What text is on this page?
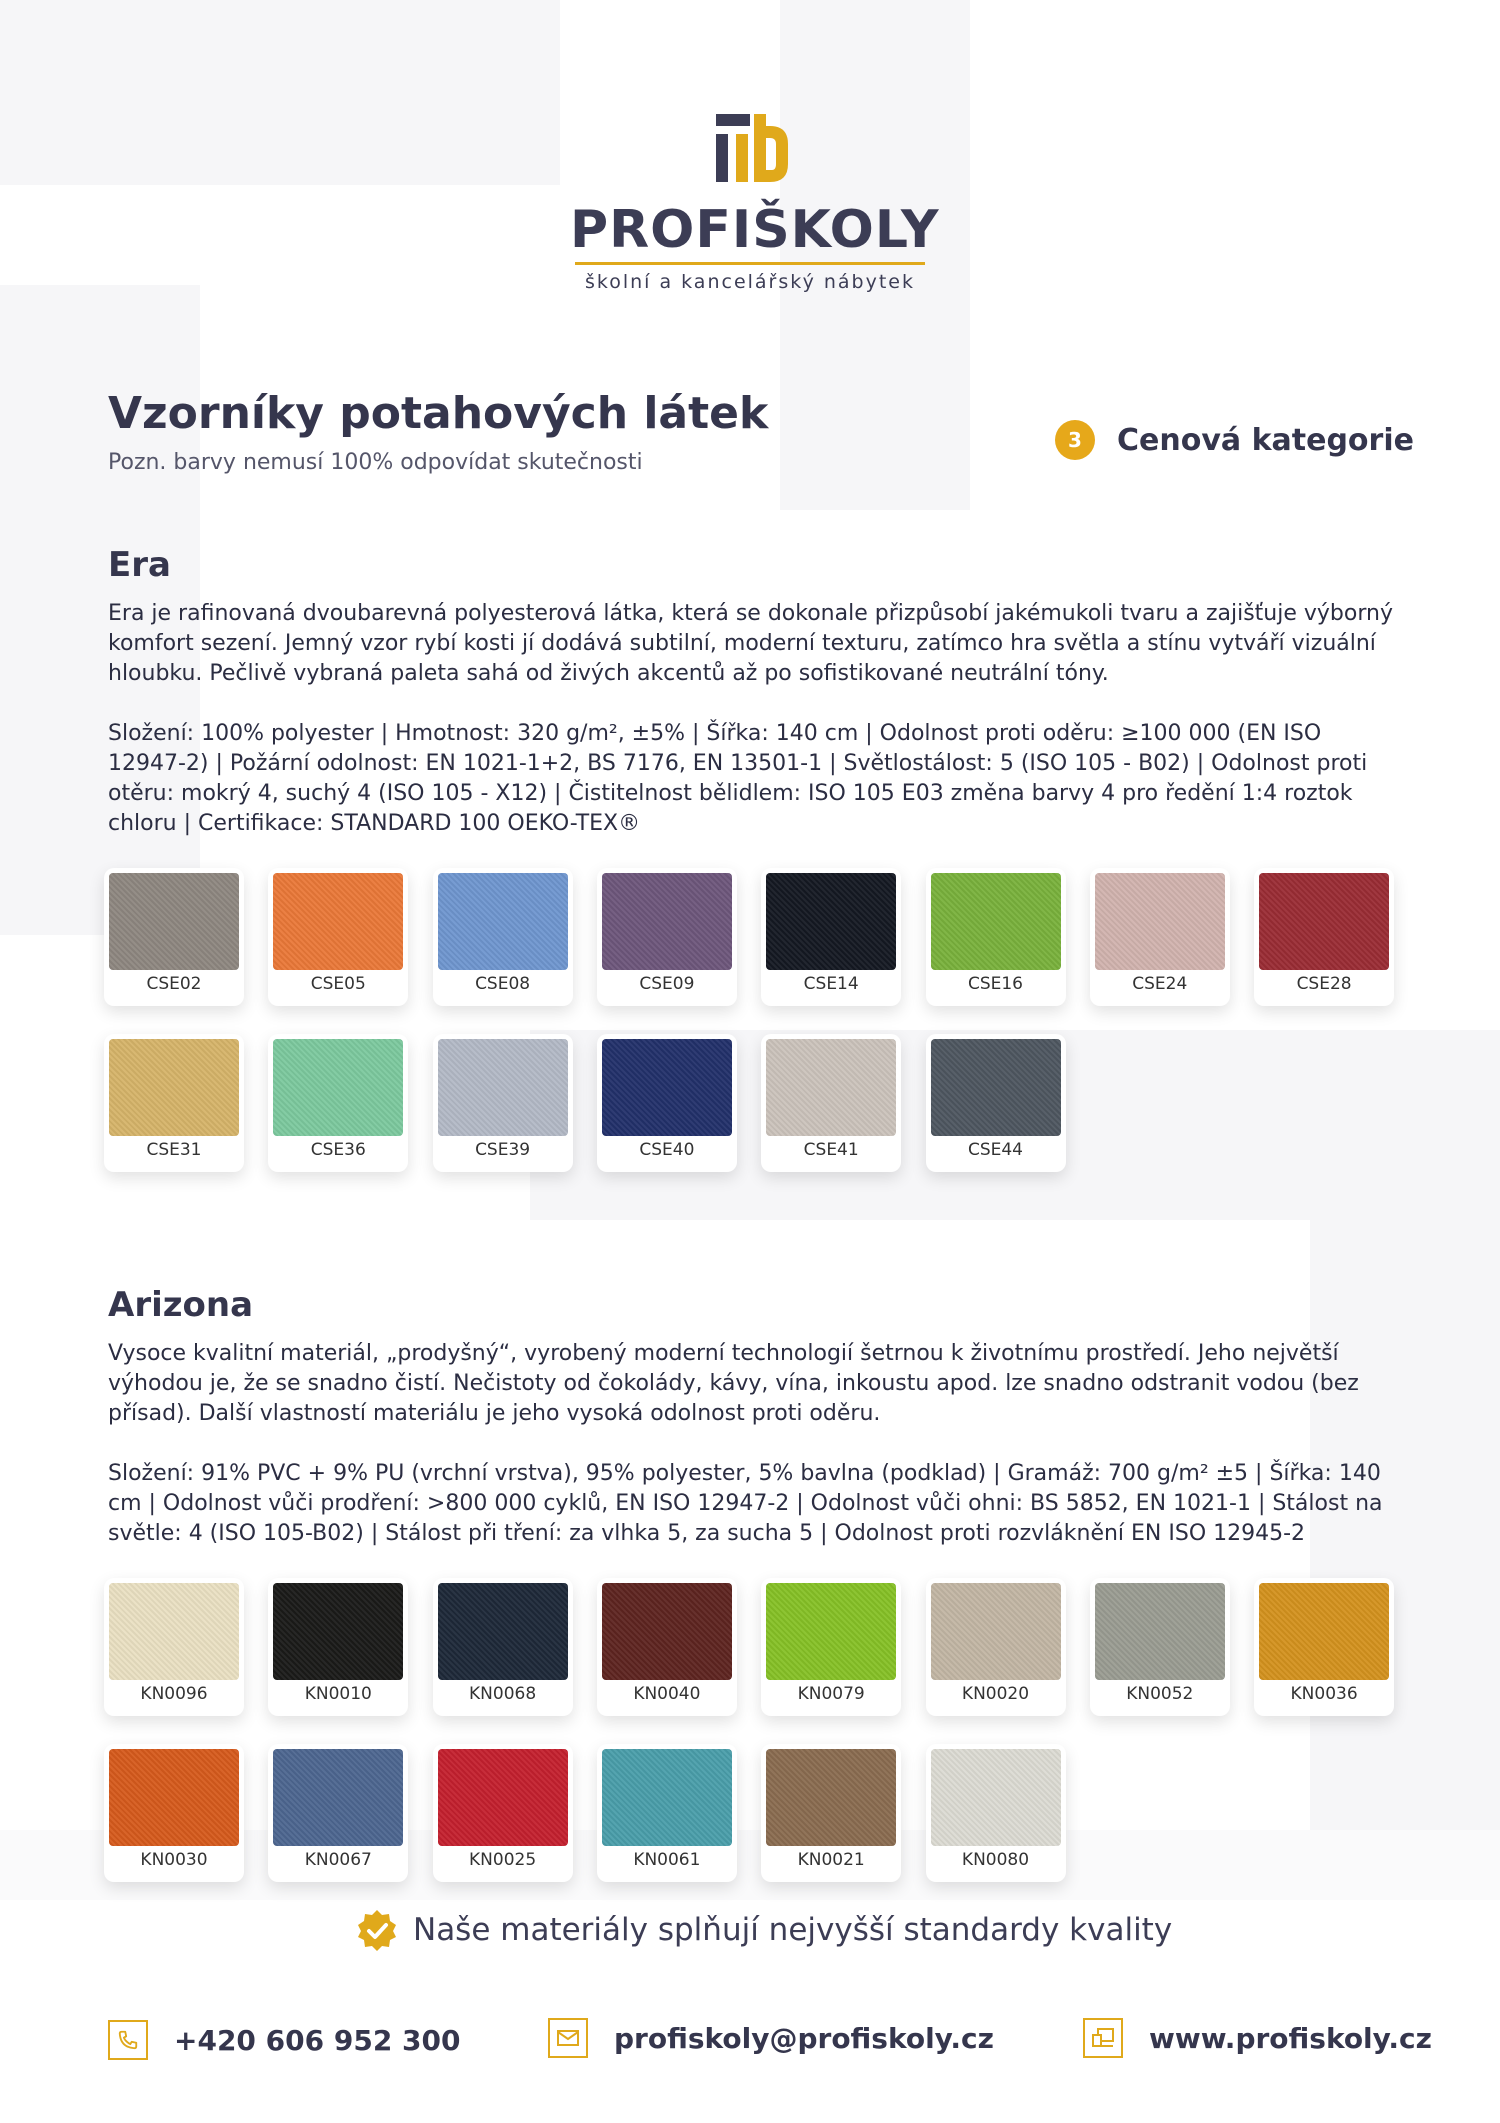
PROFIŠKOLY
školní a kancelářský nábytek
Vzorníky potahových látek
Pozn. barvy nemusí 100% odpovídat skutečnosti
3	Cenová kategorie
Era

Era je rafinovaná dvoubarevná polyesterová látka, která se dokonale přizpůsobí jakémukoli tvaru a zajišťuje výborný komfort sezení. Jemný vzor rybí kosti jí dodává subtilní, moderní texturu, zatímco hra světla a stínu vytváří vizuální hloubku. Pečlivě vybraná paleta sahá od živých akcentů až po sofistikované neutrální tóny.

Složení: 100% polyester | Hmotnost: 320 g/m², ±5% | Šířka: 140 cm | Odolnost proti oděru: ≥100 000 (EN ISO 12947-2) | Požární odolnost: EN 1021-1+2, BS 7176, EN 13501-1 | Světlostálost: 5 (ISO 105 - B02) | Odolnost proti otěru: mokrý 4, suchý 4 (ISO 105 - X12) | Čistitelnost bělidlem: ISO 105 E03 změna barvy 4 pro ředění 1:4 roztok chloru | Certifikace: STANDARD 100 OEKO-TEX®

CSE02	CSE05	CSE08	CSE09	CSE14	CSE16	CSE24	CSE28
CSE31	CSE36	CSE39	CSE40	CSE41	CSE44
Arizona

Vysoce kvalitní materiál, „prodyšný“, vyrobený moderní technologií šetrnou k životnímu prostředí. Jeho největší výhodou je, že se snadno čistí. Nečistoty od čokolády, kávy, vína, inkoustu apod. lze snadno odstranit vodou (bez přísad). Další vlastností materiálu je jeho vysoká odolnost proti oděru.

Složení: 91% PVC + 9% PU (vrchní vrstva), 95% polyester, 5% bavlna (podklad) | Gramáž: 700 g/m² ±5 | Šířka: 140 cm | Odolnost vůči prodření: >800 000 cyklů, EN ISO 12947-2 | Odolnost vůči ohni: BS 5852, EN 1021-1 | Stálost na světle: 4 (ISO 105-B02) | Stálost při tření: za vlhka 5, za sucha 5 | Odolnost proti rozvláknění EN ISO 12945-2

KN0096	KN0010	KN0068	KN0040	KN0079	KN0020	KN0052	KN0036
KN0030	KN0067	KN0025	KN0061	KN0021	KN0080
Naše materiály splňují nejvyšší standardy kvality
+420 606 952 300	profiskoly@profiskoly.cz	www.profiskoly.cz
